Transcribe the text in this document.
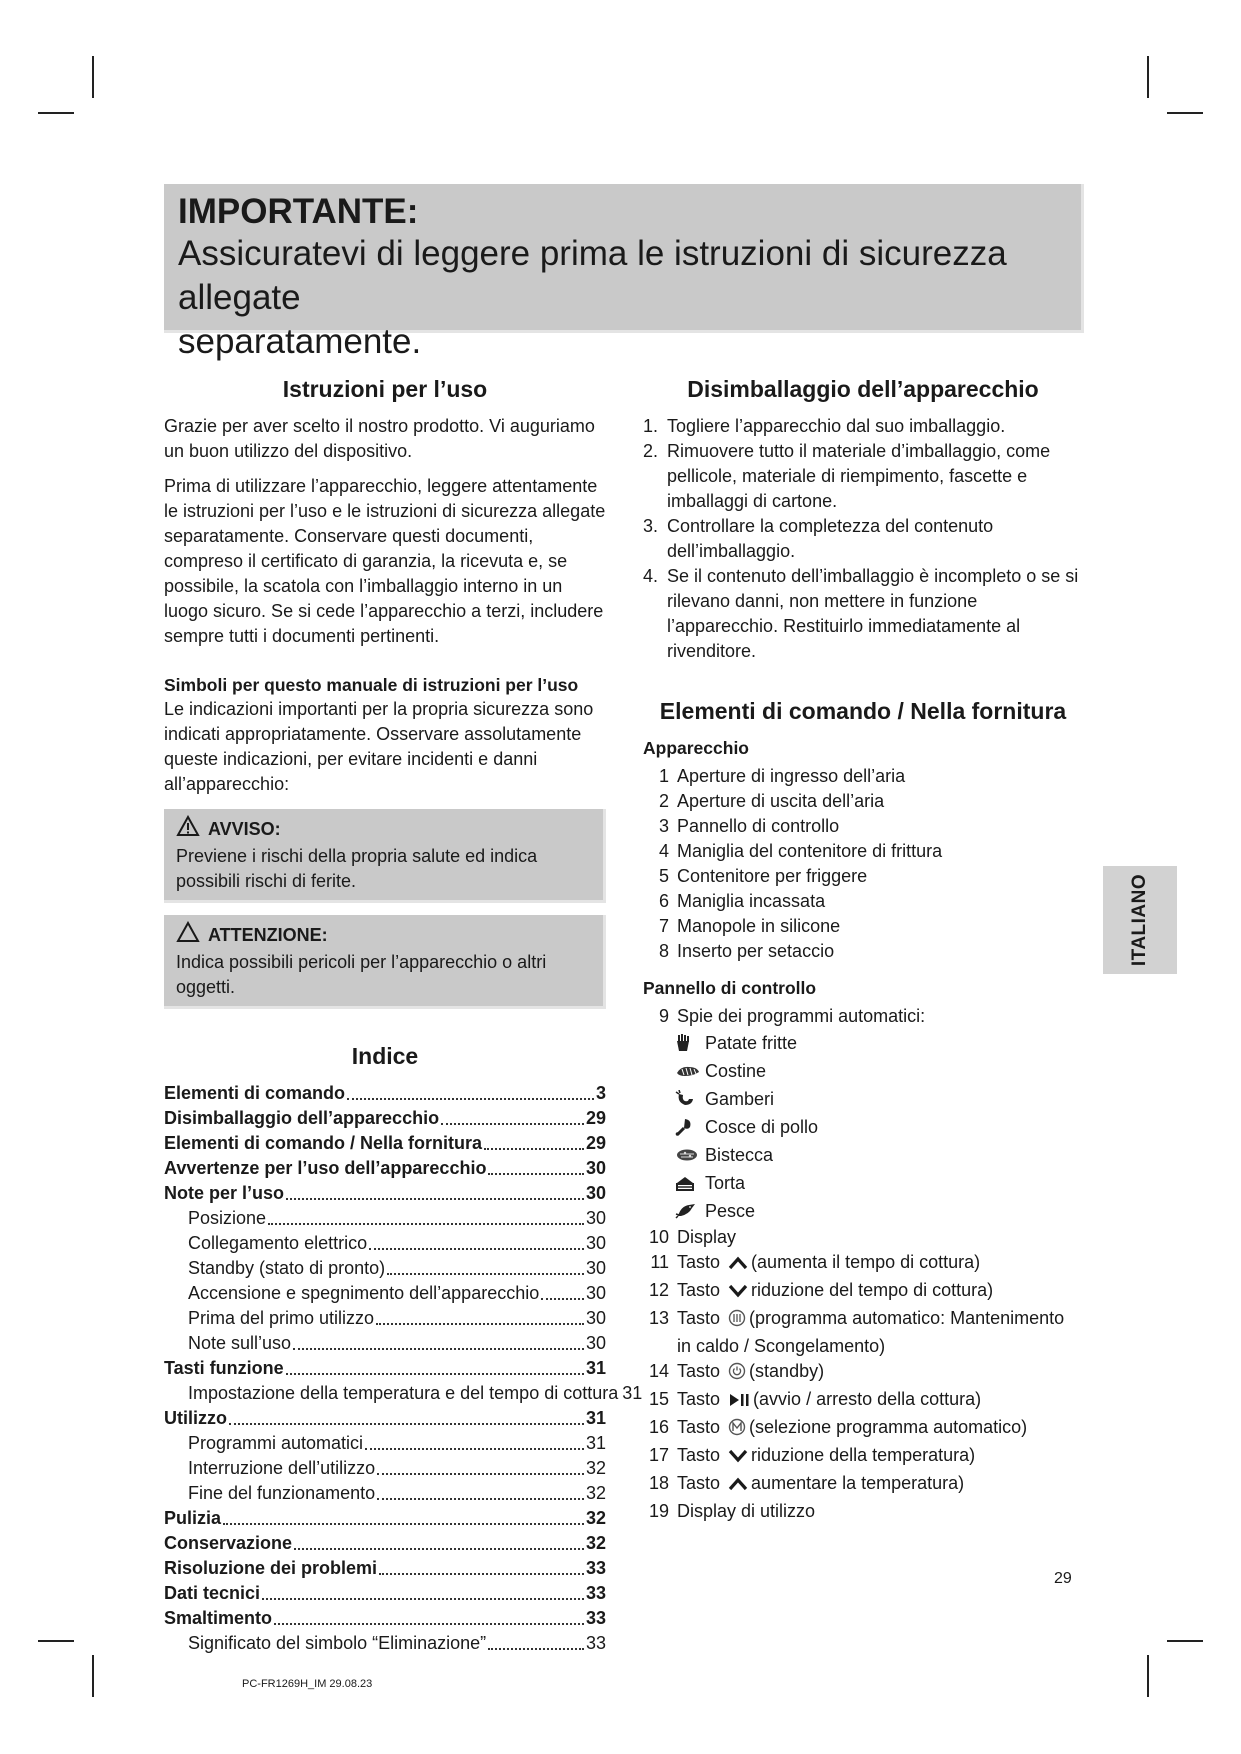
IMPORTANTE:
Assicuratevi di leggere prima le istruzioni di sicurezza allegate
separatamente.
Istruzioni per l’uso

Grazie per aver scelto il nostro prodotto. Vi auguriamo un buon utilizzo del dispositivo.

Prima di utilizzare l’apparecchio, leggere attentamente le istruzioni per l’uso e le istruzioni di sicurezza allegate separatamente. Conservare questi documenti, compreso il certificato di garanzia, la ricevuta e, se possibile, la scatola con l’imballaggio interno in un luogo sicuro. Se si cede l’apparecchio a terzi, includere sempre tutti i documenti pertinenti.

Simboli per questo manuale di istruzioni per l’uso

Le indicazioni importanti per la propria sicurezza sono indicati appropriatamente. Osservare assolutamente queste indicazioni, per evitare incidenti e danni all’apparecchio:

AVVISO:
Previene i rischi della propria salute ed indica possibili rischi di ferite.
ATTENZIONE:
Indica possibili pericoli per l’apparecchio o altri oggetti.
Indice
Elementi di comando	3
Disimballaggio dell’apparecchio	29
Elementi di comando / Nella fornitura	29
Avvertenze per l’uso dell’apparecchio	30
Note per l’uso	30
Posizione	30
Collegamento elettrico	30
Standby (stato di pronto)	30
Accensione e spegnimento dell’apparecchio	30
Prima del primo utilizzo	30
Note sull’uso	30
Tasti funzione	31
Impostazione della temperatura e del tempo di cottura 31
Utilizzo	31
Programmi automatici	31
Interruzione dell’utilizzo	32
Fine del funzionamento	32
Pulizia	32
Conservazione	32
Risoluzione dei problemi	33
Dati tecnici	33
Smaltimento	33
Significato del simbolo “Eliminazione”	33
Disimballaggio dell’apparecchio
1. Togliere l’apparecchio dal suo imballaggio.
2. Rimuovere tutto il materiale d’imballaggio, come pellicole, materiale di riempimento, fascette e imballaggi di cartone.
3. Controllare la completezza del contenuto dell’imballaggio.
4. Se il contenuto dell’imballaggio è incompleto o se si rilevano danni, non mettere in funzione l’apparecchio. Restituirlo immediatamente al rivenditore.
Elementi di comando / Nella fornitura
Apparecchio
1 Aperture di ingresso dell’aria
2 Aperture di uscita dell’aria
3 Pannello di controllo
4 Maniglia del contenitore di frittura
5 Contenitore per friggere
6 Maniglia incassata
7 Manopole in silicone
8 Inserto per setaccio
Pannello di controllo
9 Spie dei programmi automatici:
Patate fritte
Costine
Gamberi
Cosce di pollo
Bistecca
Torta
Pesce
10 Display
11 Tasto (aumenta il tempo di cottura)
12 Tasto riduzione del tempo di cottura)
13 Tasto (programma automatico: Mantenimento in caldo / Scongelamento)
14 Tasto (standby)
15 Tasto (avvio / arresto della cottura)
16 Tasto (selezione programma automatico)
17 Tasto riduzione della temperatura)
18 Tasto aumentare la temperatura)
19 Display di utilizzo
ITALIANO
29
PC-FR1269H_IM 29.08.23
